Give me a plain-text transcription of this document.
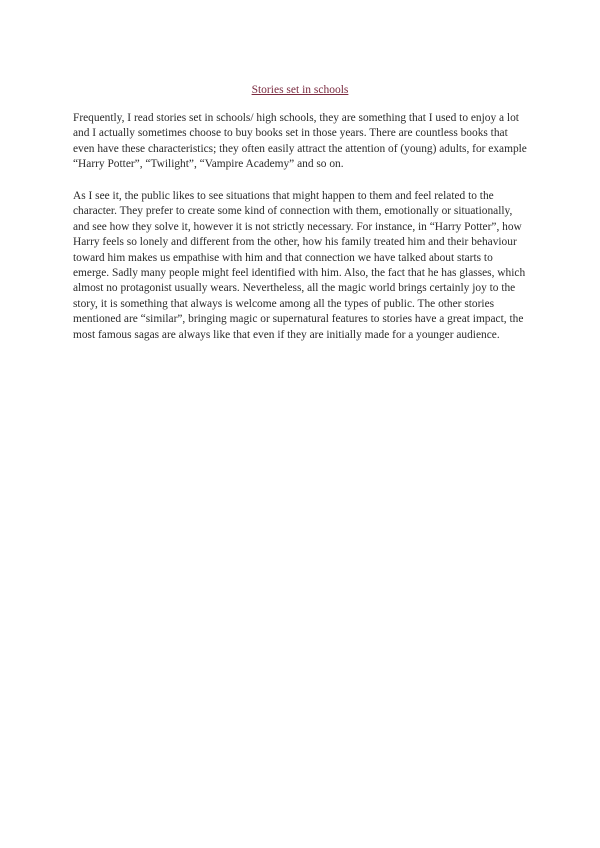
Stories set in schools

Frequently, I read stories set in schools/ high schools, they are something that I used to enjoy a lot and I actually sometimes choose to buy books set in those years. There are countless books that even have these characteristics; they often easily attract the attention of (young) adults, for example “Harry Potter”, “Twilight”, “Vampire Academy” and so on.

As I see it, the public likes to see situations that might happen to them and feel related to the character. They prefer to create some kind of connection with them, emotionally or situationally, and see how they solve it, however it is not strictly necessary. For instance, in “Harry Potter”, how Harry feels so lonely and different from the other, how his family treated him and their behaviour toward him makes us empathise with him and that connection we have talked about starts to emerge. Sadly many people might feel identified with him. Also, the fact that he has glasses, which almost no protagonist usually wears. Nevertheless, all the magic world brings certainly joy to the story, it is something that always is welcome among all the types of public. The other stories mentioned are “similar”, bringing magic or supernatural features to stories have a great impact, the most famous sagas are always like that even if they are initially made for a younger audience.
